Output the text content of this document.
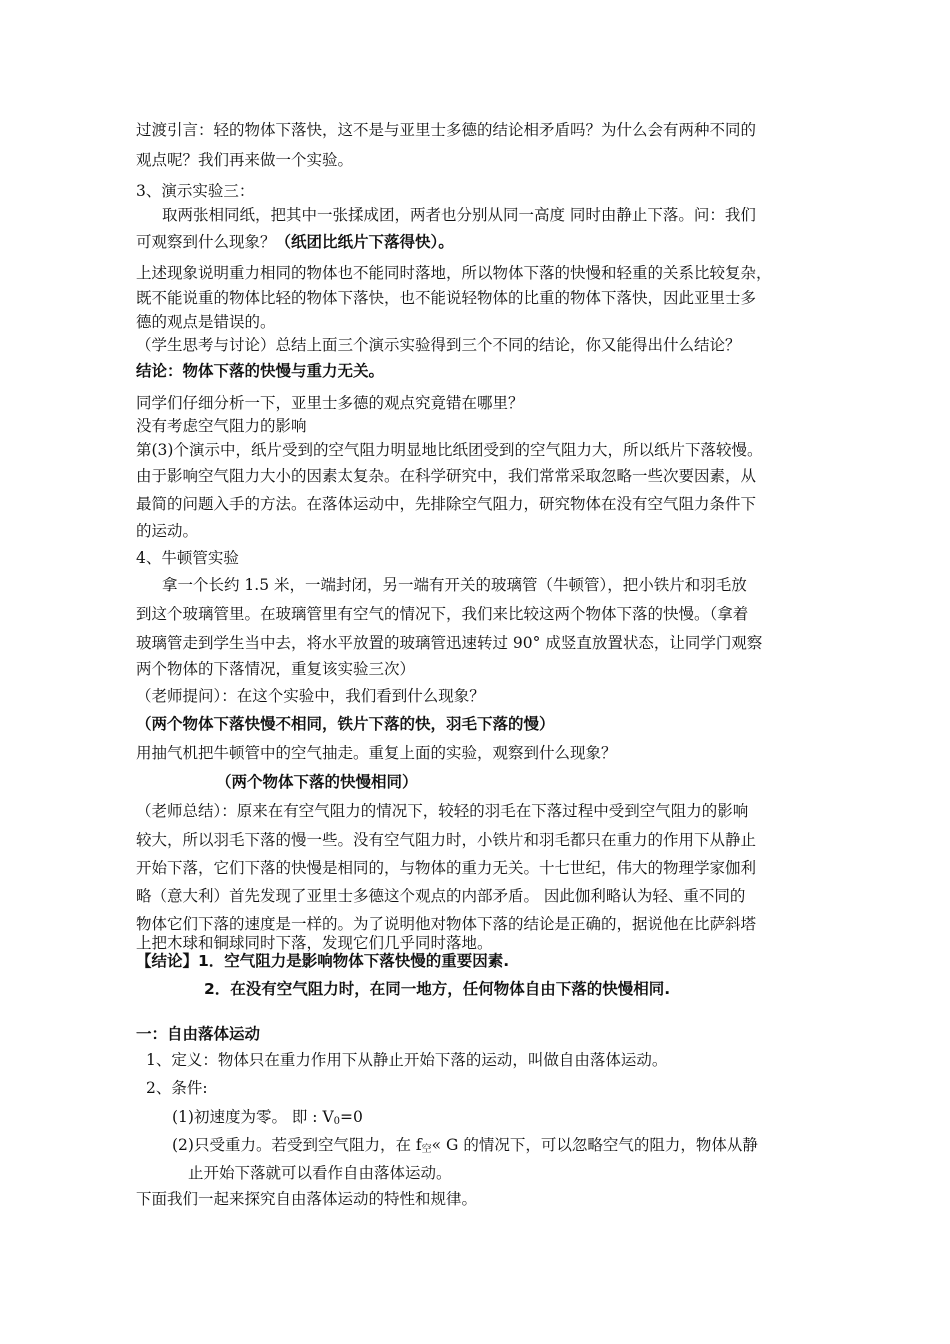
过渡引言：轻的物体下落快，这不是与亚里士多德的结论相矛盾吗？为什么会有两种不同的
观点呢？我们再来做一个实验。
3、演示实验三：
取两张相同纸，把其中一张揉成团，两者也分别从同一高度 同时由静止下落。问：我们
可观察到什么现象？（纸团比纸片下落得快）。
上述现象说明重力相同的物体也不能同时落地，所以物体下落的快慢和轻重的关系比较复杂，
既不能说重的物体比轻的物体下落快，也不能说轻物体的比重的物体下落快，因此亚里士多
德的观点是错误的。
（学生思考与讨论）总结上面三个演示实验得到三个不同的结论，你又能得出什么结论？
结论：物体下落的快慢与重力无关。
同学们仔细分析一下，亚里士多德的观点究竟错在哪里？
没有考虑空气阻力的影响
第(3)个演示中，纸片受到的空气阻力明显地比纸团受到的空气阻力大，所以纸片下落较慢。
由于影响空气阻力大小的因素太复杂。在科学研究中，我们常常采取忽略一些次要因素，从
最简的问题入手的方法。在落体运动中，先排除空气阻力，研究物体在没有空气阻力条件下
的运动。
4、牛顿管实验
拿一个长约 1.5 米，一端封闭，另一端有开关的玻璃管（牛顿管），把小铁片和羽毛放
到这个玻璃管里。在玻璃管里有空气的情况下，我们来比较这两个物体下落的快慢。（拿着
玻璃管走到学生当中去，将水平放置的玻璃管迅速转过 90° 成竖直放置状态，让同学门观察
两个物体的下落情况，重复该实验三次）
（老师提问）：在这个实验中，我们看到什么现象？
（两个物体下落快慢不相同，铁片下落的快，羽毛下落的慢）
用抽气机把牛顿管中的空气抽走。重复上面的实验，观察到什么现象？
（两个物体下落的快慢相同）
（老师总结）：原来在有空气阻力的情况下，较轻的羽毛在下落过程中受到空气阻力的影响
较大，所以羽毛下落的慢一些。没有空气阻力时，小铁片和羽毛都只在重力的作用下从静止
开始下落，它们下落的快慢是相同的，与物体的重力无关。十七世纪，伟大的物理学家伽利
略（意大利）首先发现了亚里士多德这个观点的内部矛盾。 因此伽利略认为轻、重不同的
物体它们下落的速度是一样的。为了说明他对物体下落的结论是正确的，据说他在比萨斜塔
上把木球和铜球同时下落，发现它们几乎同时落地。
【结论】1．空气阻力是影响物体下落快慢的重要因素.
2．在没有空气阻力时，在同一地方，任何物体自由下落的快慢相同.
一：自由落体运动
1、定义：物体只在重力作用下从静止开始下落的运动，叫做自由落体运动。
2、条件:
(1)初速度为零。 即 : $V_0=0$
(2)只受重力。若受到空气阻力，在 $f_空«$ G 的情况下，可以忽略空气的阻力，物体从静
止开始下落就可以看作自由落体运动。
下面我们一起来探究自由落体运动的特性和规律。
